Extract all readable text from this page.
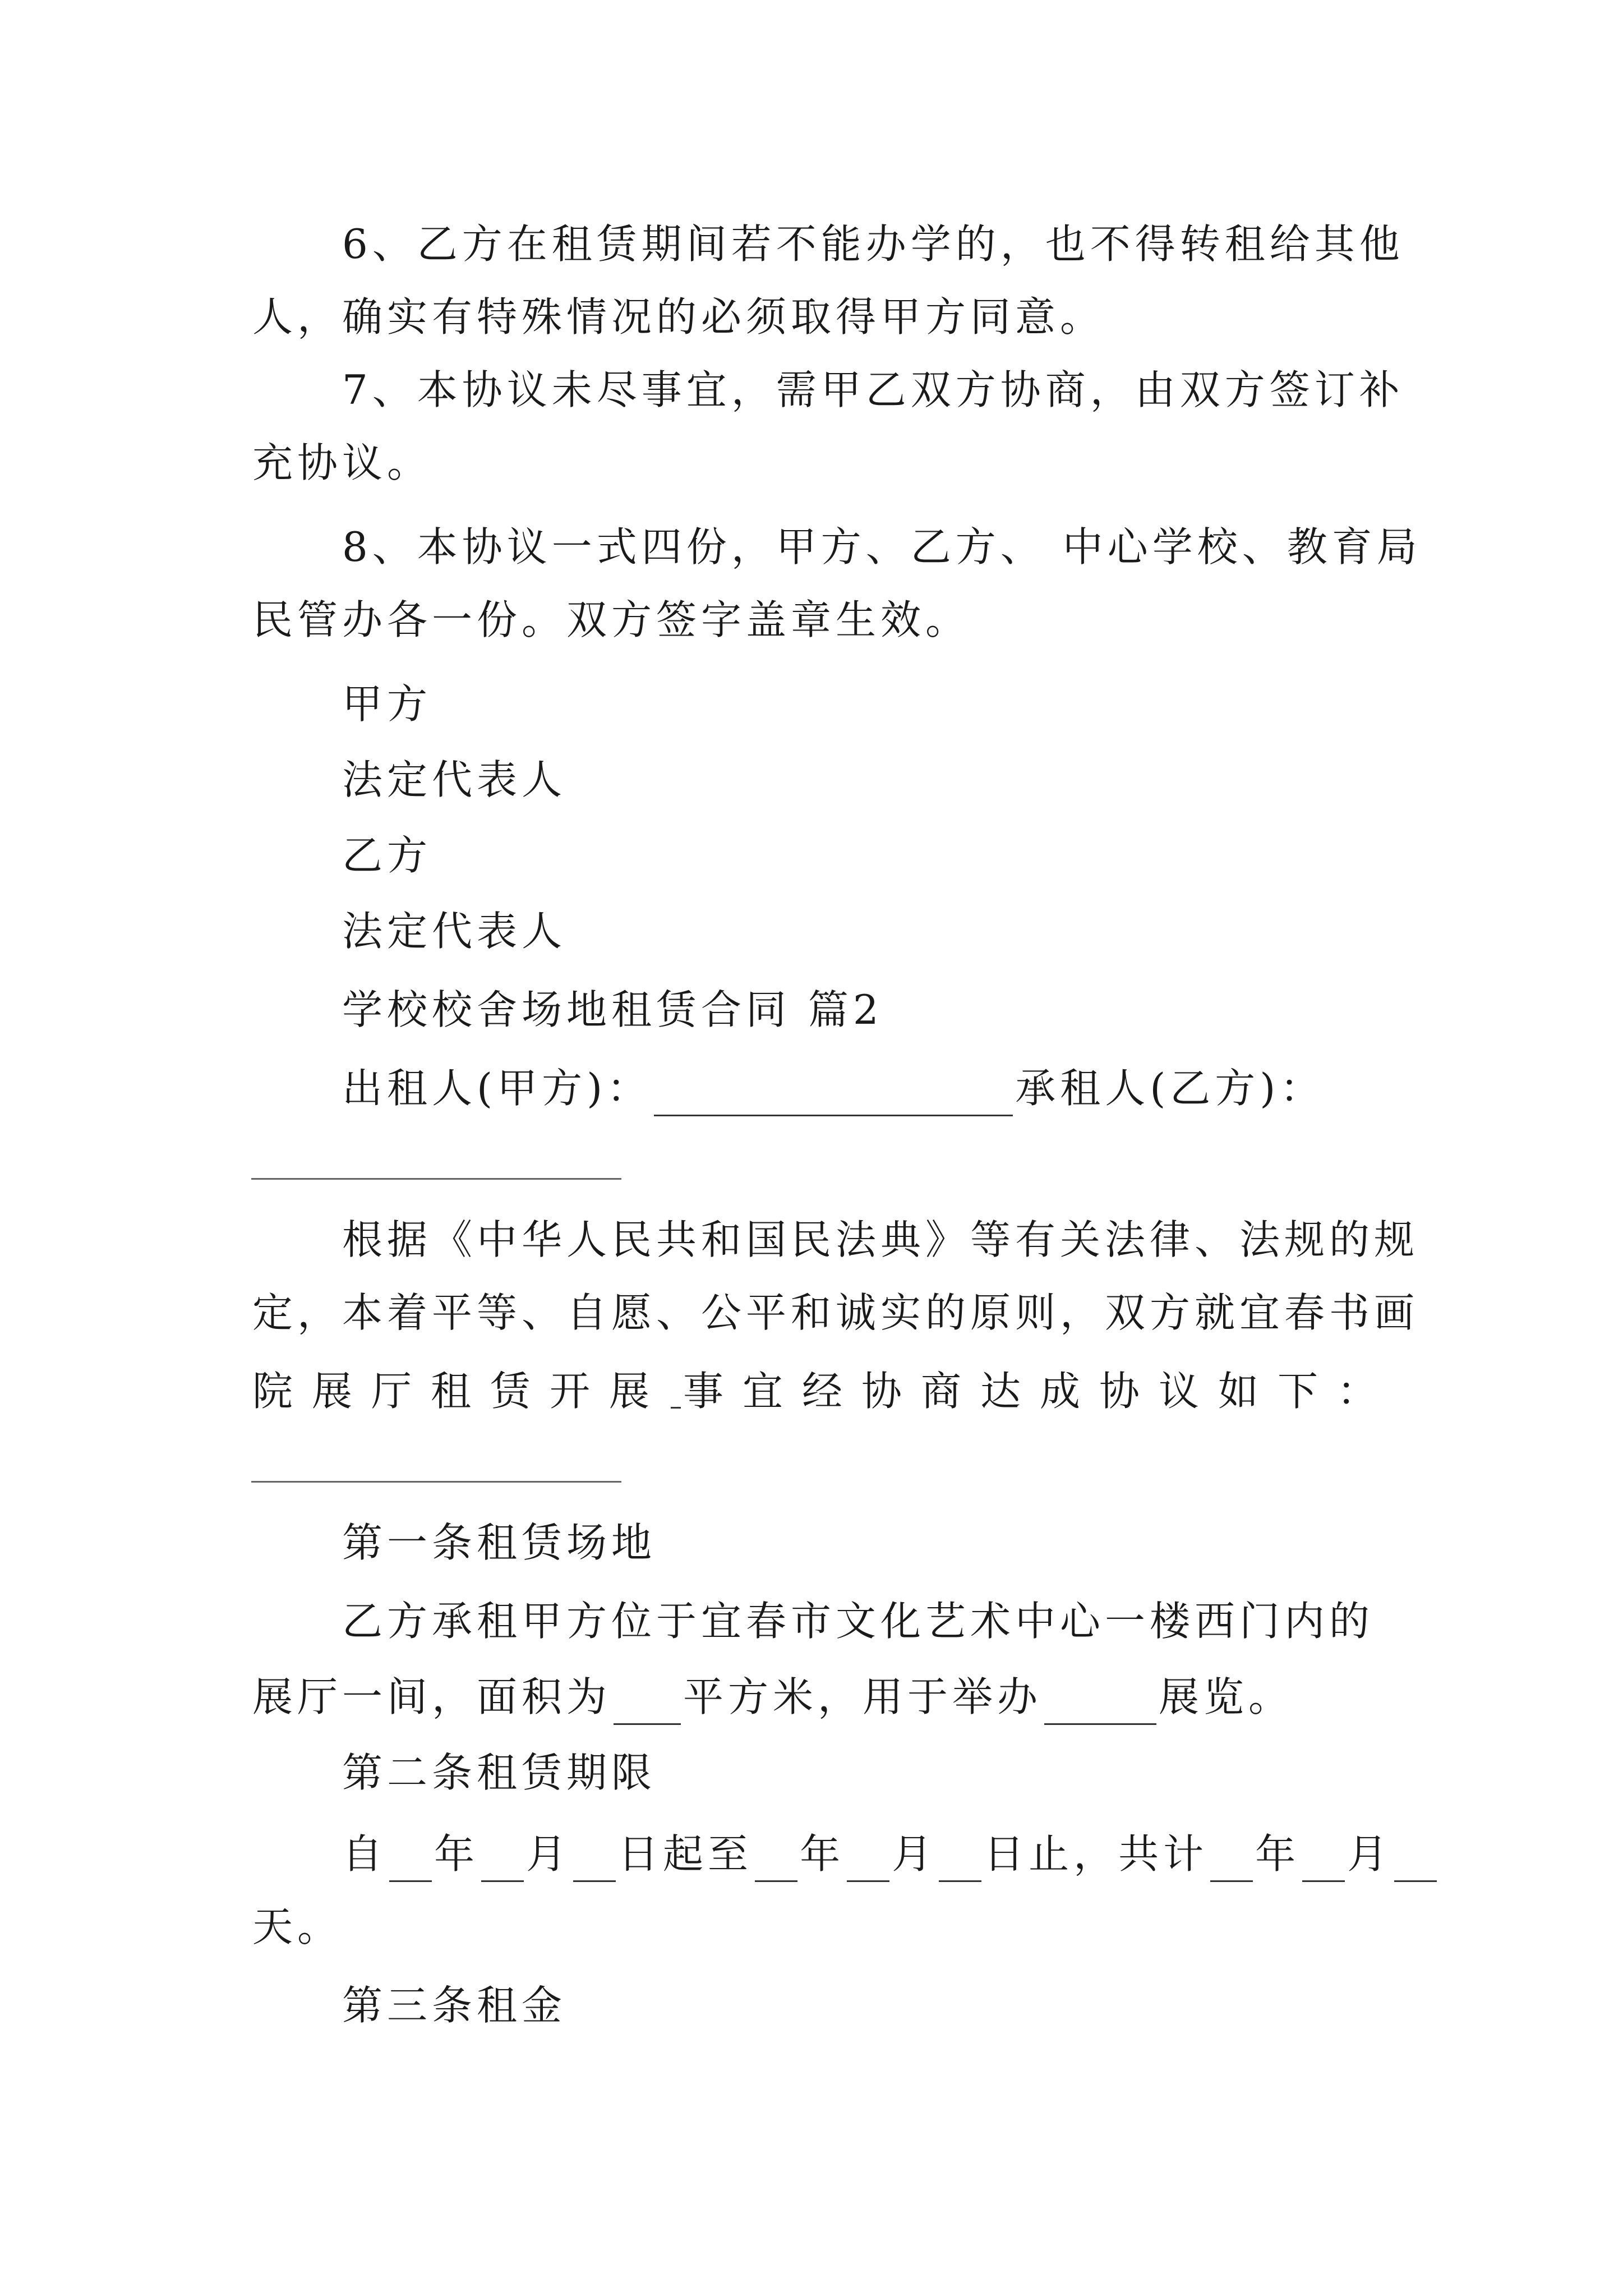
6、乙方在租赁期间若不能办学的，也不得转租给其他
人，确实有特殊情况的必须取得甲方同意。
7、本协议未尽事宜，需甲乙双方协商，由双方签订补
充协议。
8、本协议一式四份，甲方、乙方、 中心学校、教育局
民管办各一份。双方签字盖章生效。
甲方
法定代表人
乙方
法定代表人
学校校舍场地租赁合同 篇2
出租人(甲方)：	承租人(乙方)：
根据《中华人民共和国民法典》等有关法律、法规的规
定，本着平等、自愿、公平和诚实的原则，双方就宜春书画
院展厅租赁开展 事宜经协商达成协议如下：
第一条租赁场地
乙方承租甲方位于宜春市文化艺术中心一楼西门内的
展厅一间，面积为 平方米，用于举办	展览。
第二条租赁期限
自 年 月 日起至 年 月 日止，共计 年 月
天。
第三条租金
